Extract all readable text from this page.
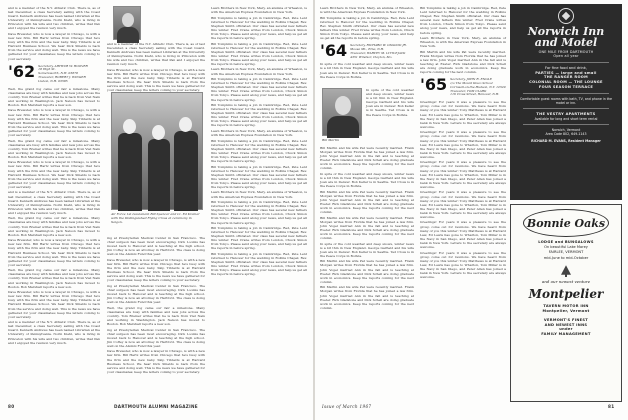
and is a member of the N.Y. Athletic Club. There is, as of last December, a class Secretary sailing with the Coast Guard. Kenneth Andrews has been named Librarian at the University of Pennsylvania. Norm Kiehl, who is living in Princeton with his wife and two children, writes that Pan and I enjoyed the reunion very much.

Dave Brewster, who is now a lawyer in Chicago, is with a new law firm. Bill Hartz writes from Chicago that he's busy with the firm and the new baby. Skip Tibbetts is at Harvard Business School. We hear Dick Shields is back from the service and doing well. This is the news we have gathered for your classmates; keep the letters coming to your secretary.

'62 Secretary, ARTHUR W. HOOVER
18 High St.
Somersworth, N.H. 03878
Treasurer, ROBERT J. WINGER
Lisbon, N.H. 03585

Well, the grand fog came our fair a milestone. Many classmates are busy with families and new jobs across the country. Tom Bremer writes that he is back from Viet Nam and working in Washington. Jack Nelson has moved to Boston. Bob Marshall reports a new son.

Dave Brewster, who is now a lawyer in Chicago, is with a new law firm. Bill Hartz writes from Chicago that he's busy with the firm and the new baby. Skip Tibbetts is at Harvard Business School. We hear Dick Shields is back from the service and doing well. This is the news we have gathered for your classmates; keep the letters coming to your secretary.

Well, the grand fog came our fair a milestone. Many classmates are busy with families and new jobs across the country. Tom Bremer writes that he is back from Viet Nam and working in Washington. Jack Nelson has moved to Boston. Bob Marshall reports a new son.

Dave Brewster, who is now a lawyer in Chicago, is with a new law firm. Bill Hartz writes from Chicago that he's busy with the firm and the new baby. Skip Tibbetts is at Harvard Business School. We hear Dick Shields is back from the service and doing well. This is the news we have gathered for your classmates; keep the letters coming to your secretary.

and is a member of the N.Y. Athletic Club. There is, as of last December, a class Secretary sailing with the Coast Guard. Kenneth Andrews has been named Librarian at the University of Pennsylvania. Norm Kiehl, who is living in Princeton with his wife and two children, writes that Pan and I enjoyed the reunion very much.

Well, the grand fog came our fair a milestone. Many classmates are busy with families and new jobs across the country. Tom Bremer writes that he is back from Viet Nam and working in Washington. Jack Nelson has moved to Boston. Bob Marshall reports a new son.

Dave Brewster, who is now a lawyer in Chicago, is with a new law firm. Bill Hartz writes from Chicago that he's busy with the firm and the new baby. Skip Tibbetts is at Harvard Business School. We hear Dick Shields is back from the service and doing well. This is the news we have gathered for your classmates; keep the letters coming to your secretary.

Well, the grand fog came our fair a milestone. Many classmates are busy with families and new jobs across the country. Tom Bremer writes that he is back from Viet Nam and working in Washington. Jack Nelson has moved to Boston. Bob Marshall reports a new son.

Dave Brewster, who is now a lawyer in Chicago, is with a new law firm. Bill Hartz writes from Chicago that he's busy with the firm and the new baby. Skip Tibbetts is at Harvard Business School. We hear Dick Shields is back from the service and doing well. This is the news we have gathered for your classmates; keep the letters coming to your secretary.

and is a member of the N.Y. Athletic Club. There is, as of last December, a class Secretary sailing with the Coast Guard. Kenneth Andrews has been named Librarian at the University of Pennsylvania. Norm Kiehl, who is living in Princeton with his wife and two children, writes that Pan and I enjoyed the reunion very much.

and is a member of the N.Y. Athletic Club. There is, as of last December, a class Secretary sailing with the Coast Guard. Kenneth Andrews has been named Librarian at the University of Pennsylvania. Norm Kiehl, who is living in Princeton with his wife and two children, writes that Pan and I enjoyed the reunion very much.

Dave Brewster, who is now a lawyer in Chicago, is with a new law firm. Bill Hartz writes from Chicago that he's busy with the firm and the new baby. Skip Tibbetts is at Harvard Business School. We hear Dick Shields is back from the service and doing well. This is the news we have gathered for your classmates; keep the letters coming to your secretary.

Air Force 1st Lieutenant Bill Spencer and Lt. Ed Kramer with the Distinguished Flying Cross at ceremony in Saigon.

ing at Presbyterian Medical Center in San Francisco. The chief surgeon has been most encouraging. Dick Loomis has moved back to Hanover and is teaching at the high school. Jim Coffey is now an attorney in Hartford. The class is doing well on the Alumni Fund this year.

Dave Brewster, who is now a lawyer in Chicago, is with a new law firm. Bill Hartz writes from Chicago that he's busy with the firm and the new baby. Skip Tibbetts is at Harvard Business School. We hear Dick Shields is back from the service and doing well. This is the news we have gathered for your classmates; keep the letters coming to your secretary.

ing at Presbyterian Medical Center in San Francisco. The chief surgeon has been most encouraging. Dick Loomis has moved back to Hanover and is teaching at the high school. Jim Coffey is now an attorney in Hartford. The class is doing well on the Alumni Fund this year.

Well, the grand fog came our fair a milestone. Many classmates are busy with families and new jobs across the country. Tom Bremer writes that he is back from Viet Nam and working in Washington. Jack Nelson has moved to Boston. Bob Marshall reports a new son.

ing at Presbyterian Medical Center in San Francisco. The chief surgeon has been most encouraging. Dick Loomis has moved back to Hanover and is teaching at the high school. Jim Coffey is now an attorney in Hartford. The class is doing well on the Alumni Fund this year.

Dave Brewster, who is now a lawyer in Chicago, is with a new law firm. Bill Hartz writes from Chicago that he's busy with the firm and the new baby. Skip Tibbetts is at Harvard Business School. We hear Dick Shields is back from the service and doing well. This is the news we have gathered for your classmates; keep the letters coming to your secretary.

Lawn Brothers in New York, Mary, an alumna of Wheaton, is with the American Express Foundation in New York.

Bill Tompkins is taking a job in Cambridge. Red, Pete Lent returned to Hanover for the wedding in Rollins Chapel; Rev. Stephen Smith officiated. Our class has several new fathers this winter. Fred Crane writes from London, Chuck Simon from Tokyo. Please send along your news, and help us get all the reports in before spring.

Bill Tompkins is taking a job in Cambridge. Red, Pete Lent returned to Hanover for the wedding in Rollins Chapel; Rev. Stephen Smith officiated. Our class has several new fathers this winter. Fred Crane writes from London, Chuck Simon from Tokyo. Please send along your news, and help us get all the reports in before spring.

Lawn Brothers in New York, Mary, an alumna of Wheaton, is with the American Express Foundation in New York.

Bill Tompkins is taking a job in Cambridge. Red, Pete Lent returned to Hanover for the wedding in Rollins Chapel; Rev. Stephen Smith officiated. Our class has several new fathers this winter. Fred Crane writes from London, Chuck Simon from Tokyo. Please send along your news, and help us get all the reports in before spring.

Bill Tompkins is taking a job in Cambridge. Red, Pete Lent returned to Hanover for the wedding in Rollins Chapel; Rev. Stephen Smith officiated. Our class has several new fathers this winter. Fred Crane writes from London, Chuck Simon from Tokyo. Please send along your news, and help us get all the reports in before spring.

Lawn Brothers in New York, Mary, an alumna of Wheaton, is with the American Express Foundation in New York.

Bill Tompkins is taking a job in Cambridge. Red, Pete Lent returned to Hanover for the wedding in Rollins Chapel; Rev. Stephen Smith officiated. Our class has several new fathers this winter. Fred Crane writes from London, Chuck Simon from Tokyo. Please send along your news, and help us get all the reports in before spring.

Bill Tompkins is taking a job in Cambridge. Red, Pete Lent returned to Hanover for the wedding in Rollins Chapel; Rev. Stephen Smith officiated. Our class has several new fathers this winter. Fred Crane writes from London, Chuck Simon from Tokyo. Please send along your news, and help us get all the reports in before spring.

Lawn Brothers in New York, Mary, an alumna of Wheaton, is with the American Express Foundation in New York.

Bill Tompkins is taking a job in Cambridge. Red, Pete Lent returned to Hanover for the wedding in Rollins Chapel; Rev. Stephen Smith officiated. Our class has several new fathers this winter. Fred Crane writes from London, Chuck Simon from Tokyo. Please send along your news, and help us get all the reports in before spring.

Bill Tompkins is taking a job in Cambridge. Red, Pete Lent returned to Hanover for the wedding in Rollins Chapel; Rev. Stephen Smith officiated. Our class has several new fathers this winter. Fred Crane writes from London, Chuck Simon from Tokyo. Please send along your news, and help us get all the reports in before spring.

Bill Tompkins is taking a job in Cambridge. Red, Pete Lent returned to Hanover for the wedding in Rollins Chapel; Rev. Stephen Smith officiated. Our class has several new fathers this winter. Fred Crane writes from London, Chuck Simon from Tokyo. Please send along your news, and help us get all the reports in before spring.

80	DARTMOUTH ALUMNI MAGAZINE

Lawn Brothers in New York, Mary, an alumna of Wheaton, is with the American Express Foundation in New York.

Bill Tompkins is taking a job in Cambridge. Red, Pete Lent returned to Hanover for the wedding in Rollins Chapel; Rev. Stephen Smith officiated. Our class has several new fathers this winter. Fred Crane writes from London, Chuck Simon from Tokyo. Please send along your news, and help us get all the reports in before spring.

'64 Secretary, RICHARD W. OSGOOD JR.
Moose Mt., Etna, N.H.
Treasurer, HARVEY M. LITTLEJACK
4351 Windsor, Clayton, Mo.

In spite of the cold weather and deep snows, winter news is a bit thin in New England. George Garfield and his wife Joan are in Denver. Bob Keller is in Seattle. Ted Cross is in the Peace Corps in Bolivia.

Bill Martin

In spite of the cold weather and deep snows, winter news is a bit thin in New England. George Garfield and his wife Joan are in Denver. Bob Keller is in Seattle. Ted Cross is in the Peace Corps in Bolivia.

Bill Martin and his wife Pat were recently married. Frank Morgan writes from Florida that he has joined a law firm. John Vogel married Ann in the fall and is teaching at Exeter. Rick Gladstone and Dick Schell are doing graduate work in economics. Keep the reports coming for the next column.

In spite of the cold weather and deep snows, winter news is a bit thin in New England. George Garfield and his wife Joan are in Denver. Bob Keller is in Seattle. Ted Cross is in the Peace Corps in Bolivia.

Bill Martin and his wife Pat were recently married. Frank Morgan writes from Florida that he has joined a law firm. John Vogel married Ann in the fall and is teaching at Exeter. Rick Gladstone and Dick Schell are doing graduate work in economics. Keep the reports coming for the next column.

Bill Martin and his wife Pat were recently married. Frank Morgan writes from Florida that he has joined a law firm. John Vogel married Ann in the fall and is teaching at Exeter. Rick Gladstone and Dick Schell are doing graduate work in economics. Keep the reports coming for the next column.

In spite of the cold weather and deep snows, winter news is a bit thin in New England. George Garfield and his wife Joan are in Denver. Bob Keller is in Seattle. Ted Cross is in the Peace Corps in Bolivia.

Bill Martin and his wife Pat were recently married. Frank Morgan writes from Florida that he has joined a law firm. John Vogel married Ann in the fall and is teaching at Exeter. Rick Gladstone and Dick Schell are doing graduate work in economics. Keep the reports coming for the next column.

Bill Martin and his wife Pat were recently married. Frank Morgan writes from Florida that he has joined a law firm. John Vogel married Ann in the fall and is teaching at Exeter. Rick Gladstone and Dick Schell are doing graduate work in economics. Keep the reports coming for the next column.

Bill Tompkins is taking a job in Cambridge. Red, Pete Lent returned to Hanover for the wedding in Rollins Chapel; Rev. Stephen Smith officiated. Our class has several new fathers this winter. Fred Crane writes from London, Chuck Simon from Tokyo. Please send along your news, and help us get all the reports in before spring.

Lawn Brothers in New York, Mary, an alumna of Wheaton, is with the American Express Foundation in New York.

Bill Martin and his wife Pat were recently married. Frank Morgan writes from Florida that he has joined a law firm. John Vogel married Ann in the fall and is teaching at Exeter. Rick Gladstone and Dick Schell are doing graduate work in economics. Keep the reports coming for the next column.

'65 Secretary, JOHN R. ENGLE
c/o The Mount Kisco School
Cornwall-on-the-Hudson, N.Y. 12520
Treasurer, TOM CLARK
116 Cross Street, Hanover, N.H.

Greetings! For years it was a pleasure to see the group come out for reunions. We have heard from many of you this winter: Tony Matthews is at Harvard Law, Ed Lewis has gone to Wharton, Tom Miller is in the Navy in San Diego, and Peter Allen has joined a bank in New York. Letters to the secretary are always welcome.

Greetings! For years it was a pleasure to see the group come out for reunions. We have heard from many of you this winter: Tony Matthews is at Harvard Law, Ed Lewis has gone to Wharton, Tom Miller is in the Navy in San Diego, and Peter Allen has joined a bank in New York. Letters to the secretary are always welcome.

Greetings! For years it was a pleasure to see the group come out for reunions. We have heard from many of you this winter: Tony Matthews is at Harvard Law, Ed Lewis has gone to Wharton, Tom Miller is in the Navy in San Diego, and Peter Allen has joined a bank in New York. Letters to the secretary are always welcome.

Greetings! For years it was a pleasure to see the group come out for reunions. We have heard from many of you this winter: Tony Matthews is at Harvard Law, Ed Lewis has gone to Wharton, Tom Miller is in the Navy in San Diego, and Peter Allen has joined a bank in New York. Letters to the secretary are always welcome.

Greetings! For years it was a pleasure to see the group come out for reunions. We have heard from many of you this winter: Tony Matthews is at Harvard Law, Ed Lewis has gone to Wharton, Tom Miller is in the Navy in San Diego, and Peter Allen has joined a bank in New York. Letters to the secretary are always welcome.

Greetings! For years it was a pleasure to see the group come out for reunions. We have heard from many of you this winter: Tony Matthews is at Harvard Law, Ed Lewis has gone to Wharton, Tom Miller is in the Navy in San Diego, and Peter Allen has joined a bank in New York. Letters to the secretary are always welcome.

Issue of March 1967	81
Norwich Inn and Motel
ONE MILE FROM DARTMOUTH
Open all year
For fine food and drink,
PARTIES — large and small
THE RANGER ROOM
COLONIAL ROOM — THE LOUNGE
FOUR SEASON TERRACE
Comfortable guest rooms with bath, TV, and phone in the motel or inn.
THE VESTRY APARTMENTS
Available for long and short term rental
Norwich, Vermont
Area Code 802, 649-1143
RICHARD M. EVANS, Resident Manager
Bonnie Oaks
LODGE and BUNGALOWS
On beautiful Lake Morey
FAIRLEE, VERMONT
mid-June to mid-October
and our newest venture
Montpelier
TAVERN MOTOR INN
Montpelier, Vermont
VERMONT'S FINEST
AND NEWEST INNS
under
FAMILY MANAGEMENT
